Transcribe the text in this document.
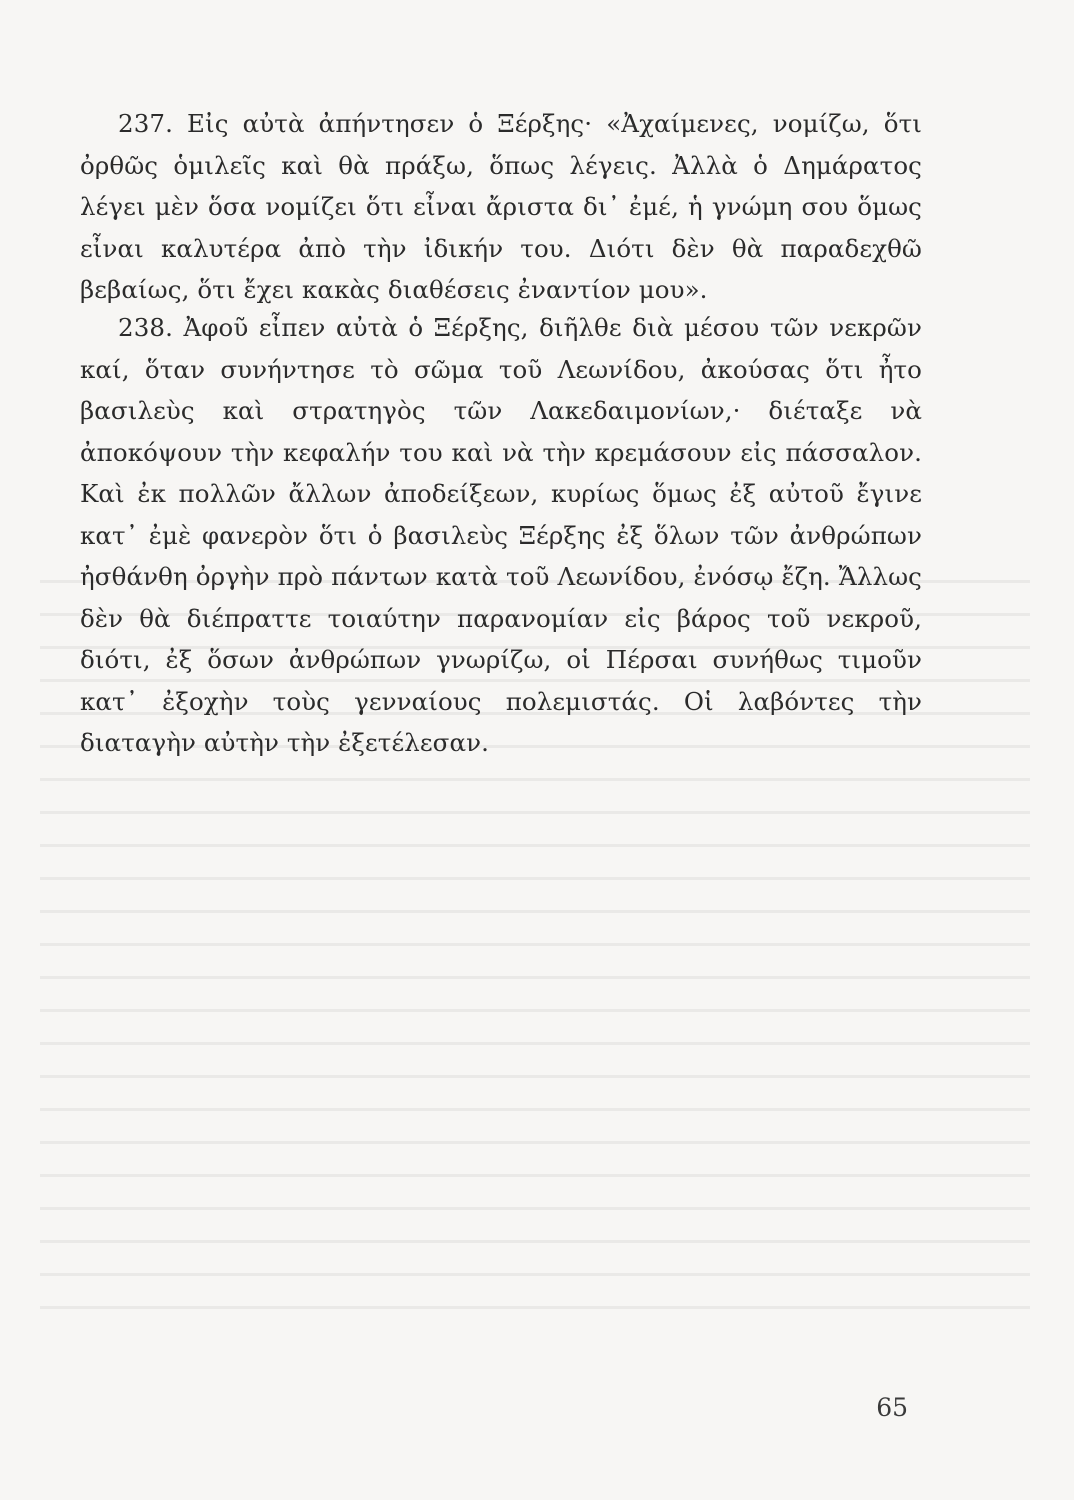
237. Εἰς αὐτὰ ἀπήντησεν ὁ Ξέρξης· «Ἀχαίμενες, νομίζω, ὅτι ὀρθῶς ὁμιλεῖς καὶ θὰ πράξω, ὅπως λέγεις. Ἀλλὰ ὁ Δημάρατος λέγει μὲν ὅσα νομίζει ὅτι εἶναι ἄριστα δι᾽ ἐμέ, ἡ γνώμη σου ὅμως εἶναι καλυτέρα ἀπὸ τὴν ἰδικήν του. Διότι δὲν θὰ παραδεχθῶ βεβαίως, ὅτι ἔχει κακὰς διαθέσεις ἐναντίον μου».

238. Ἀφοῦ εἶπεν αὐτὰ ὁ Ξέρξης, διῆλθε διὰ μέσου τῶν νεκρῶν καί, ὅταν συνήντησε τὸ σῶμα τοῦ Λεωνίδου, ἀκούσας ὅτι ἦτο βασιλεὺς καὶ στρατηγὸς τῶν Λακεδαιμονίων,· διέταξε νὰ ἀποκόψουν τὴν κεφαλήν του καὶ νὰ τὴν κρεμάσουν εἰς πάσσαλον. Καὶ ἐκ πολλῶν ἄλλων ἀποδείξεων, κυρίως ὅμως ἐξ αὐτοῦ ἔγινε κατ᾽ ἐμὲ φανερὸν ὅτι ὁ βασιλεὺς Ξέρξης ἐξ ὅλων τῶν ἀνθρώπων ἠσθάνθη ὀργὴν πρὸ πάντων κατὰ τοῦ Λεωνίδου, ἐνόσῳ ἔζη. Ἄλλως δὲν θὰ διέπραττε τοιαύτην παρανομίαν εἰς βάρος τοῦ νεκροῦ, διότι, ἐξ ὅσων ἀνθρώπων γνωρίζω, οἱ Πέρσαι συνήθως τιμοῦν κατ᾽ ἐξοχὴν τοὺς γενναίους πολεμιστάς. Οἱ λαβόντες τὴν διαταγὴν αὐτὴν τὴν ἐξετέλεσαν.

65
